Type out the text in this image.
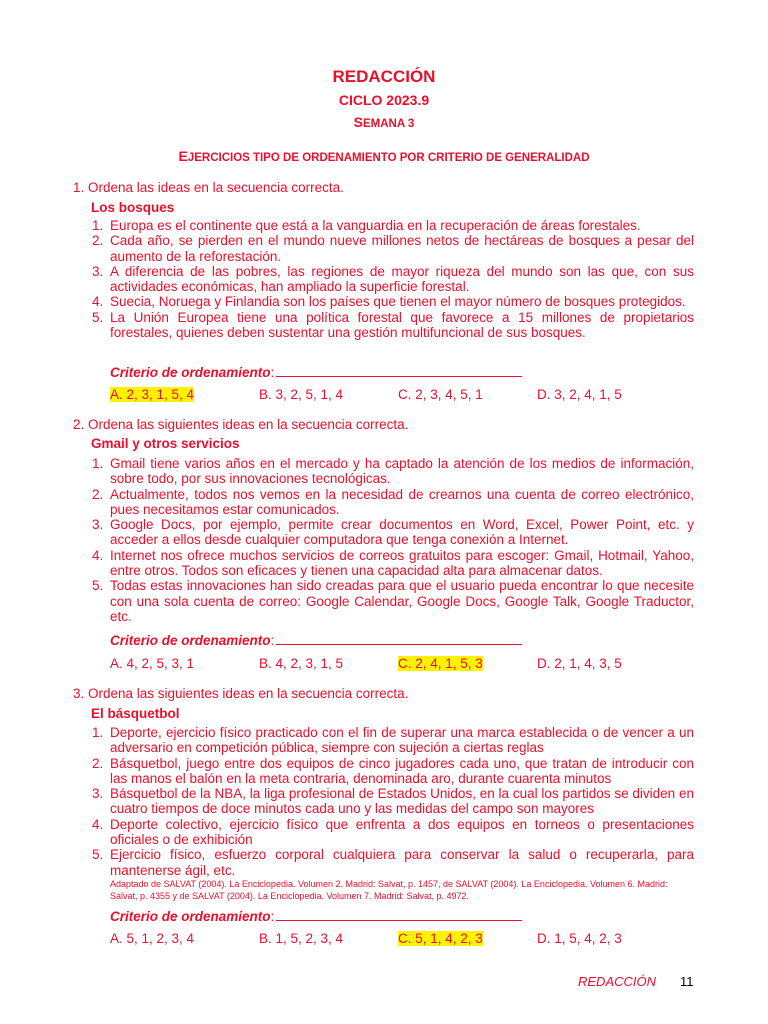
REDACCIÓN
CICLO 2023.9
SEMANA 3
EJERCICIOS TIPO DE ORDENAMIENTO POR CRITERIO DE GENERALIDAD
1. Ordena las ideas en la secuencia correcta.
Los bosques
1. Europa es el continente que está a la vanguardia en la recuperación de áreas forestales.
2. Cada año, se pierden en el mundo nueve millones netos de hectáreas de bosques a pesar del aumento de la reforestación.
3. A diferencia de las pobres, las regiones de mayor riqueza del mundo son las que, con sus actividades económicas, han ampliado la superficie forestal.
4. Suecia, Noruega y Finlandia son los países que tienen el mayor número de bosques protegidos.
5. La Unión Europea tiene una política forestal que favorece a 15 millones de propietarios forestales, quienes deben sustentar una gestión multifuncional de sus bosques.
Criterio de ordenamiento:
A. 2, 3, 1, 5, 4	B. 3, 2, 5, 1, 4	C. 2, 3, 4, 5, 1	D. 3, 2, 4, 1, 5
2. Ordena las siguientes ideas en la secuencia correcta.
Gmail y otros servicios
1. Gmail tiene varios años en el mercado y ha captado la atención de los medios de información, sobre todo, por sus innovaciones tecnológicas.
2. Actualmente, todos nos vemos en la necesidad de crearnos una cuenta de correo electrónico, pues necesitamos estar comunicados.
3. Google Docs, por ejemplo, permite crear documentos en Word, Excel, Power Point, etc. y acceder a ellos desde cualquier computadora que tenga conexión a Internet.
4. Internet nos ofrece muchos servicios de correos gratuitos para escoger: Gmail, Hotmail, Yahoo, entre otros. Todos son eficaces y tienen una capacidad alta para almacenar datos.
5. Todas estas innovaciones han sido creadas para que el usuario pueda encontrar lo que necesite con una sola cuenta de correo: Google Calendar, Google Docs, Google Talk, Google Traductor, etc.
Criterio de ordenamiento:
A. 4, 2, 5, 3, 1	B. 4, 2, 3, 1, 5	C. 2, 4, 1, 5, 3	D. 2, 1, 4, 3, 5
3. Ordena las siguientes ideas en la secuencia correcta.
El básquetbol
1. Deporte, ejercicio físico practicado con el fin de superar una marca establecida o de vencer a un adversario en competición pública, siempre con sujeción a ciertas reglas
2. Básquetbol, juego entre dos equipos de cinco jugadores cada uno, que tratan de introducir con las manos el balón en la meta contraria, denominada aro, durante cuarenta minutos
3. Básquetbol de la NBA, la liga profesional de Estados Unidos, en la cual los partidos se dividen en cuatro tiempos de doce minutos cada uno y las medidas del campo son mayores
4. Deporte colectivo, ejercicio físico que enfrenta a dos equipos en torneos o presentaciones oficiales o de exhibición
5. Ejercicio físico, esfuerzo corporal cualquiera para conservar la salud o recuperarla, para mantenerse ágil, etc.
Adaptado de SALVAT (2004). La Enciclopedia. Volumen 2. Madrid: Salvat, p. 1457, de SALVAT (2004). La Enciclopedia. Volumen 6. Madrid: Salvat, p. 4355 y de SALVAT (2004). La Enciclopedia. Volumen 7. Madrid: Salvat, p. 4972.
Criterio de ordenamiento:
A. 5, 1, 2, 3, 4	B. 1, 5, 2, 3, 4	C. 5, 1, 4, 2, 3	D. 1, 5, 4, 2, 3
REDACCIÓN 11
